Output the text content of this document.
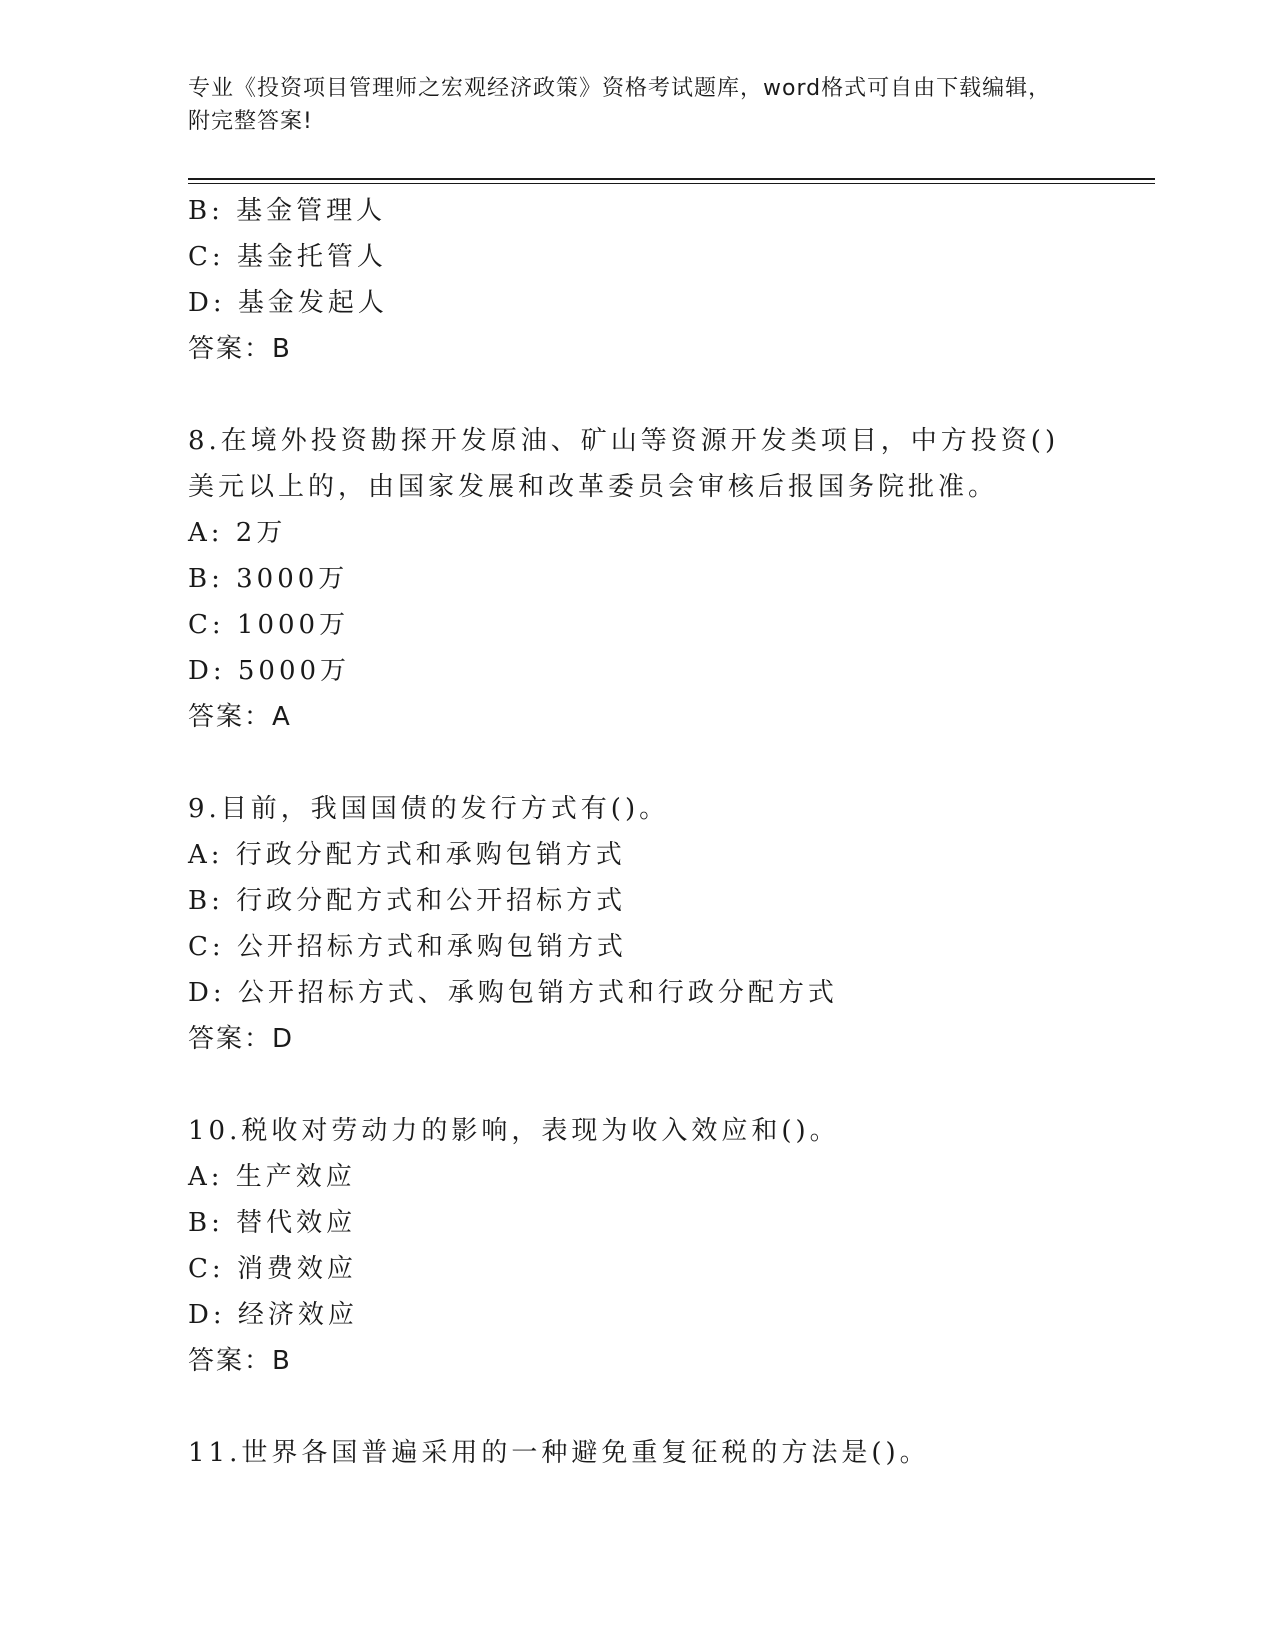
专业《投资项目管理师之宏观经济政策》资格考试题库，word格式可自由下载编辑，附完整答案!
B: 基金管理人
C: 基金托管人
D: 基金发起人
答案：B
8.在境外投资勘探开发原油、矿山等资源开发类项目，中方投资()美元以上的，由国家发展和改革委员会审核后报国务院批准。
A: 2万
B: 3000万
C: 1000万
D: 5000万
答案：A
9.目前，我国国债的发行方式有()。
A: 行政分配方式和承购包销方式
B: 行政分配方式和公开招标方式
C: 公开招标方式和承购包销方式
D: 公开招标方式、承购包销方式和行政分配方式
答案：D
10.税收对劳动力的影响，表现为收入效应和()。
A: 生产效应
B: 替代效应
C: 消费效应
D: 经济效应
答案：B
11.世界各国普遍采用的一种避免重复征税的方法是()。
